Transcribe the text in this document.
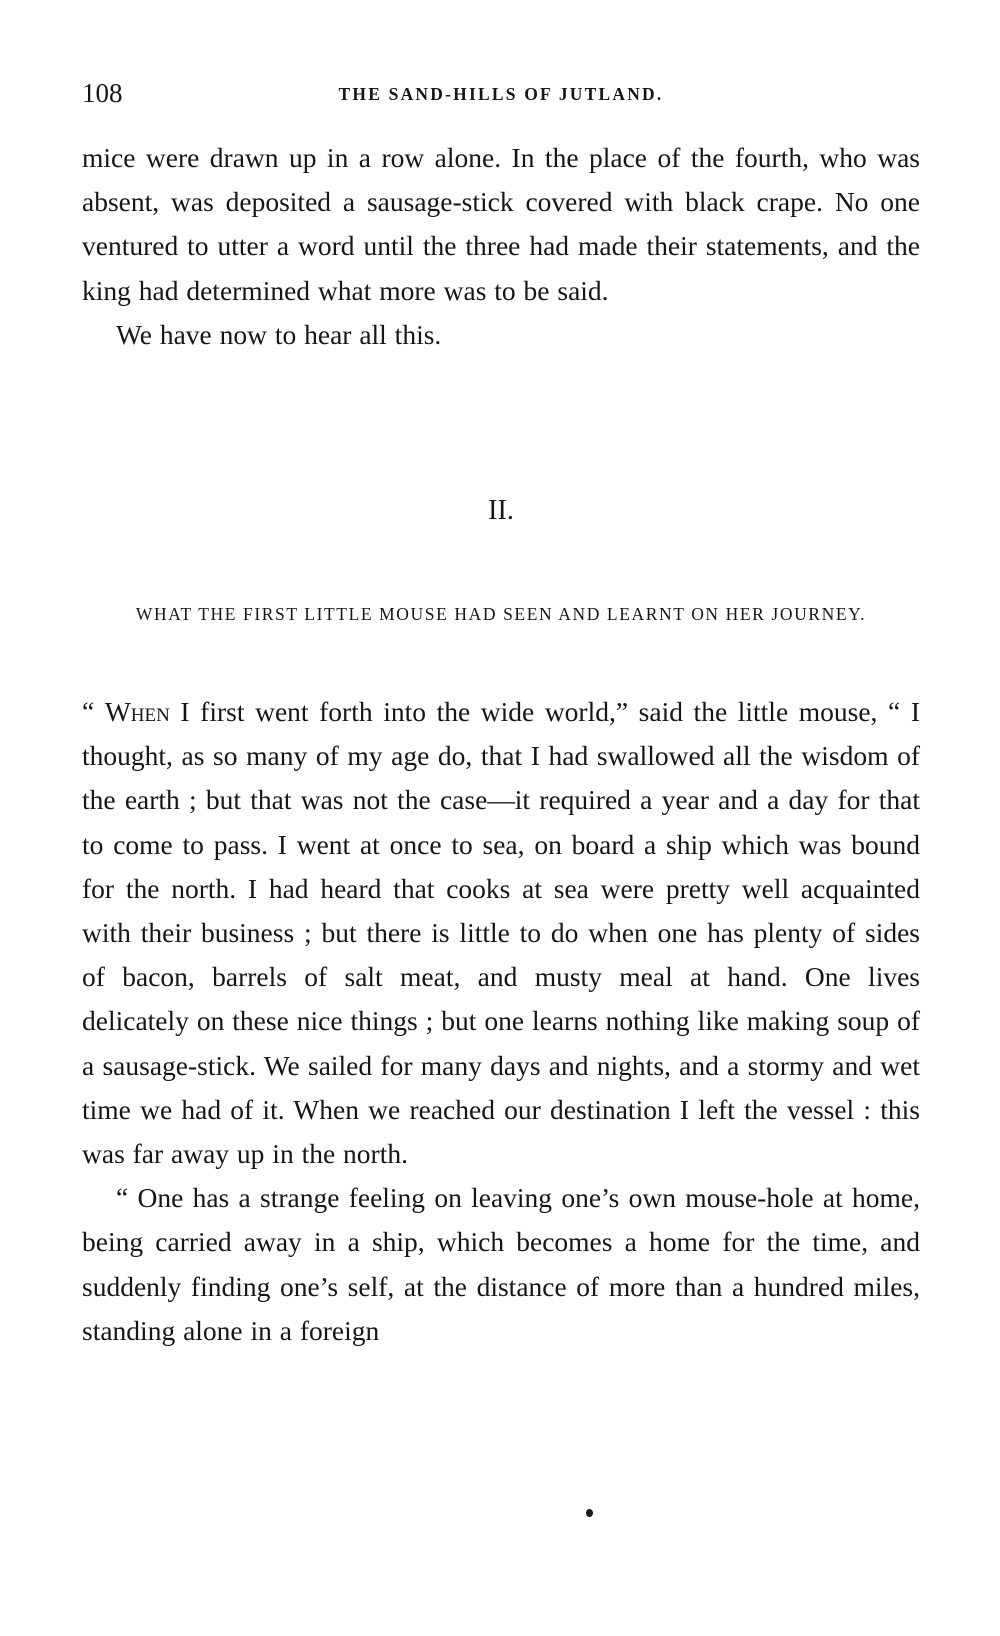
108	THE SAND-HILLS OF JUTLAND.

mice were drawn up in a row alone. In the place of the fourth, who was absent, was deposited a sausage-stick covered with black crape. No one ventured to utter a word until the three had made their statements, and the king had determined what more was to be said.

We have now to hear all this.

II.

WHAT THE FIRST LITTLE MOUSE HAD SEEN AND LEARNT ON HER JOURNEY.

“ When I first went forth into the wide world,” said the little mouse, “ I thought, as so many of my age do, that I had swallowed all the wisdom of the earth ; but that was not the case—it required a year and a day for that to come to pass. I went at once to sea, on board a ship which was bound for the north. I had heard that cooks at sea were pretty well acquainted with their business ; but there is little to do when one has plenty of sides of bacon, barrels of salt meat, and musty meal at hand. One lives delicately on these nice things ; but one learns nothing like making soup of a sausage-stick. We sailed for many days and nights, and a stormy and wet time we had of it. When we reached our destination I left the vessel : this was far away up in the north.

“ One has a strange feeling on leaving one’s own mouse-hole at home, being carried away in a ship, which becomes a home for the time, and suddenly finding one’s self, at the distance of more than a hundred miles, standing alone in a foreign
